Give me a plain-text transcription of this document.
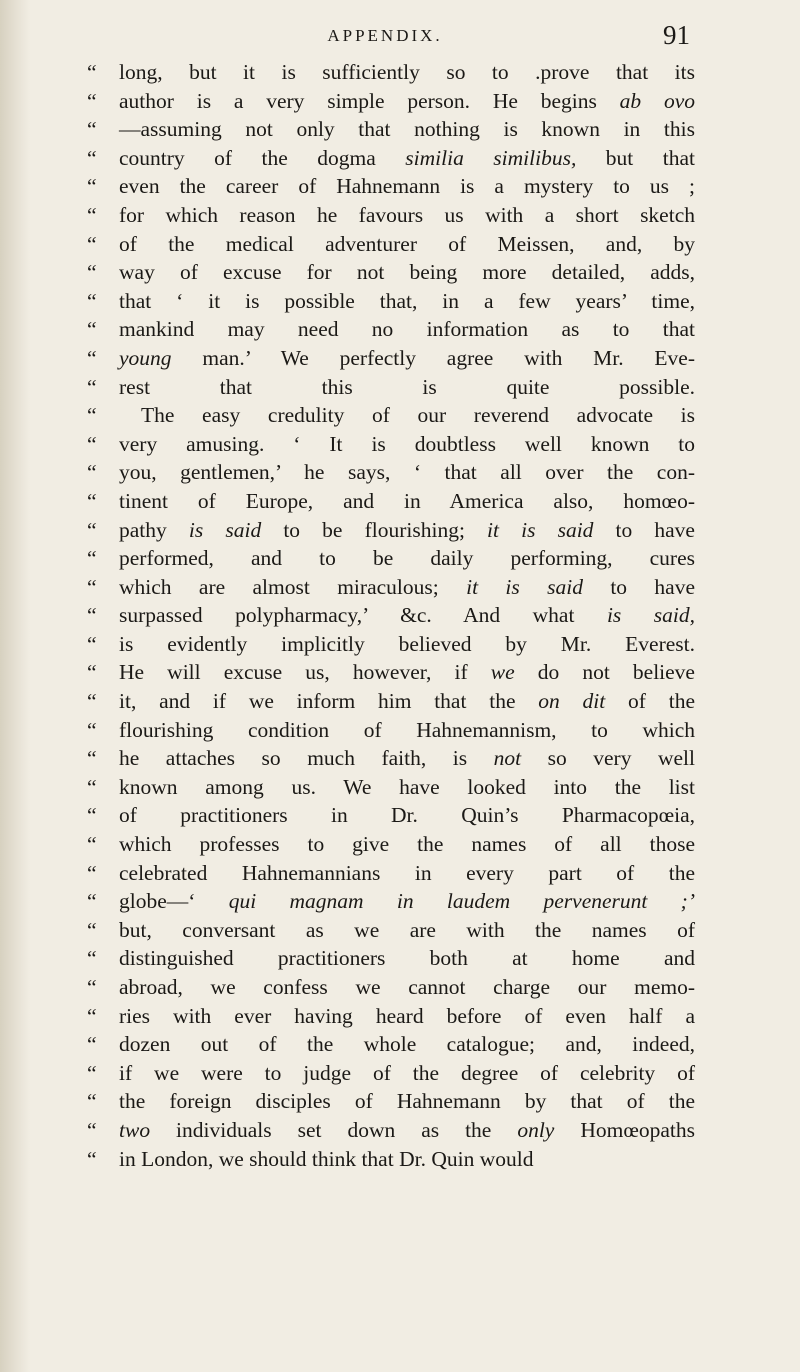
APPENDIX.	91
“ long, but it is sufficiently so to .prove that its
“ author is a very simple person. He begins ab ovo
“ —assuming not only that nothing is known in this
“ country of the dogma similia similibus, but that
“ even the career of Hahnemann is a mystery to us ;
“ for which reason he favours us with a short sketch
“ of the medical adventurer of Meissen, and, by
“ way of excuse for not being more detailed, adds,
“ that ‘ it is possible that, in a few years’ time,
“ mankind may need no information as to that
“ young man.’ We perfectly agree with Mr. Eve-
“ rest that this is quite possible.
“ The easy credulity of our reverend advocate is
“ very amusing. ‘ It is doubtless well known to
“ you, gentlemen,’ he says, ‘ that all over the con-
“ tinent of Europe, and in America also, homœo-
“ pathy is said to be flourishing; it is said to have
“ performed, and to be daily performing, cures
“ which are almost miraculous; it is said to have
“ surpassed polypharmacy,’ &c. And what is said,
“ is evidently implicitly believed by Mr. Everest.
“ He will excuse us, however, if we do not believe
“ it, and if we inform him that the on dit of the
“ flourishing condition of Hahnemannism, to which
“ he attaches so much faith, is not so very well
“ known among us. We have looked into the list
“ of practitioners in Dr. Quin’s Pharmacopœia,
“ which professes to give the names of all those
“ celebrated Hahnemannians in every part of the
“ globe—‘ qui magnam in laudem pervenerunt ;’
“ but, conversant as we are with the names of
“ distinguished practitioners both at home and
“ abroad, we confess we cannot charge our memo-
“ ries with ever having heard before of even half a
“ dozen out of the whole catalogue; and, indeed,
“ if we were to judge of the degree of celebrity of
“ the foreign disciples of Hahnemann by that of the
“ two individuals set down as the only Homœopaths
“ in London, we should think that Dr. Quin would
